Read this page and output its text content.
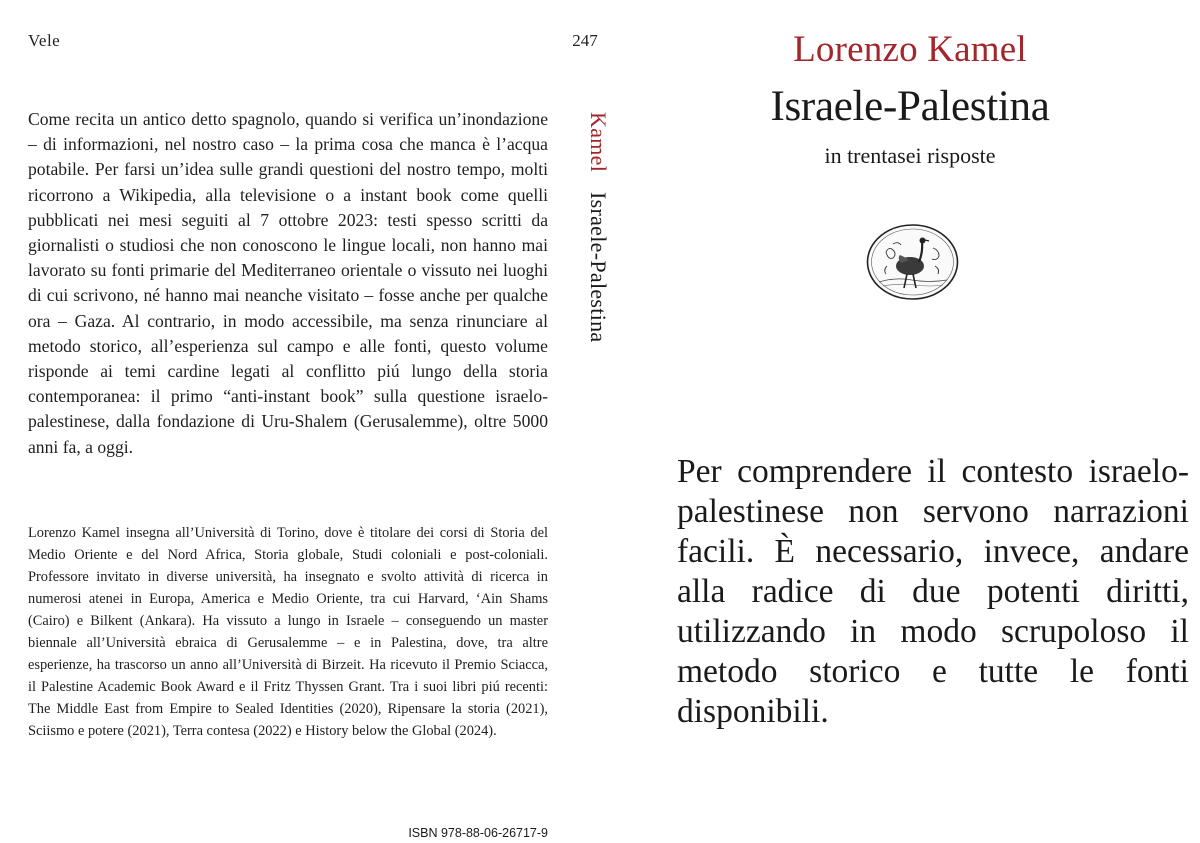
Vele
Come recita un antico detto spagnolo, quando si verifica un’inondazione – di informazioni, nel nostro caso – la prima cosa che manca è l’acqua potabile. Per farsi un’idea sulle grandi questioni del nostro tempo, molti ricorrono a Wikipedia, alla televisione o a instant book come quelli pubblicati nei mesi seguiti al 7 ottobre 2023: testi spesso scritti da giornalisti o studiosi che non conoscono le lingue locali, non hanno mai lavorato su fonti primarie del Mediterraneo orientale o vissuto nei luoghi di cui scrivono, né hanno mai neanche visitato – fosse anche per qualche ora – Gaza. Al contrario, in modo accessibile, ma senza rinunciare al metodo storico, all’esperienza sul campo e alle fonti, questo volume risponde ai temi cardine legati al conflitto piú lungo della storia contemporanea: il primo “anti-instant book” sulla questione israelo-palestinese, dalla fondazione di Uru-Shalem (Gerusalemme), oltre 5000 anni fa, a oggi.
Lorenzo Kamel insegna all’Università di Torino, dove è titolare dei corsi di Storia del Medio Oriente e del Nord Africa, Storia globale, Studi coloniali e post-coloniali. Professore invitato in diverse università, ha insegnato e svolto attività di ricerca in numerosi atenei in Europa, America e Medio Oriente, tra cui Harvard, ‘Ain Shams (Cairo) e Bilkent (Ankara). Ha vissuto a lungo in Israele – conseguendo un master biennale all’Università ebraica di Gerusalemme – e in Palestina, dove, tra altre esperienze, ha trascorso un anno all’Università di Birzeit. Ha ricevuto il Premio Sciacca, il Palestine Academic Book Award e il Fritz Thyssen Grant. Tra i suoi libri piú recenti: The Middle East from Empire to Sealed Identities (2020), Ripensare la storia (2021), Sciismo e potere (2021), Terra contesa (2022) e History below the Global (2024).
ISBN 978-88-06-26717-9
247
Kamel Israele-Palestina
Lorenzo Kamel
Israele-Palestina
in trentasei risposte
Per comprendere il contesto israelo-palestinese non servono narrazioni facili. È necessario, invece, andare alla radice di due potenti diritti, utilizzando in modo scrupoloso il metodo storico e tutte le fonti disponibili.
